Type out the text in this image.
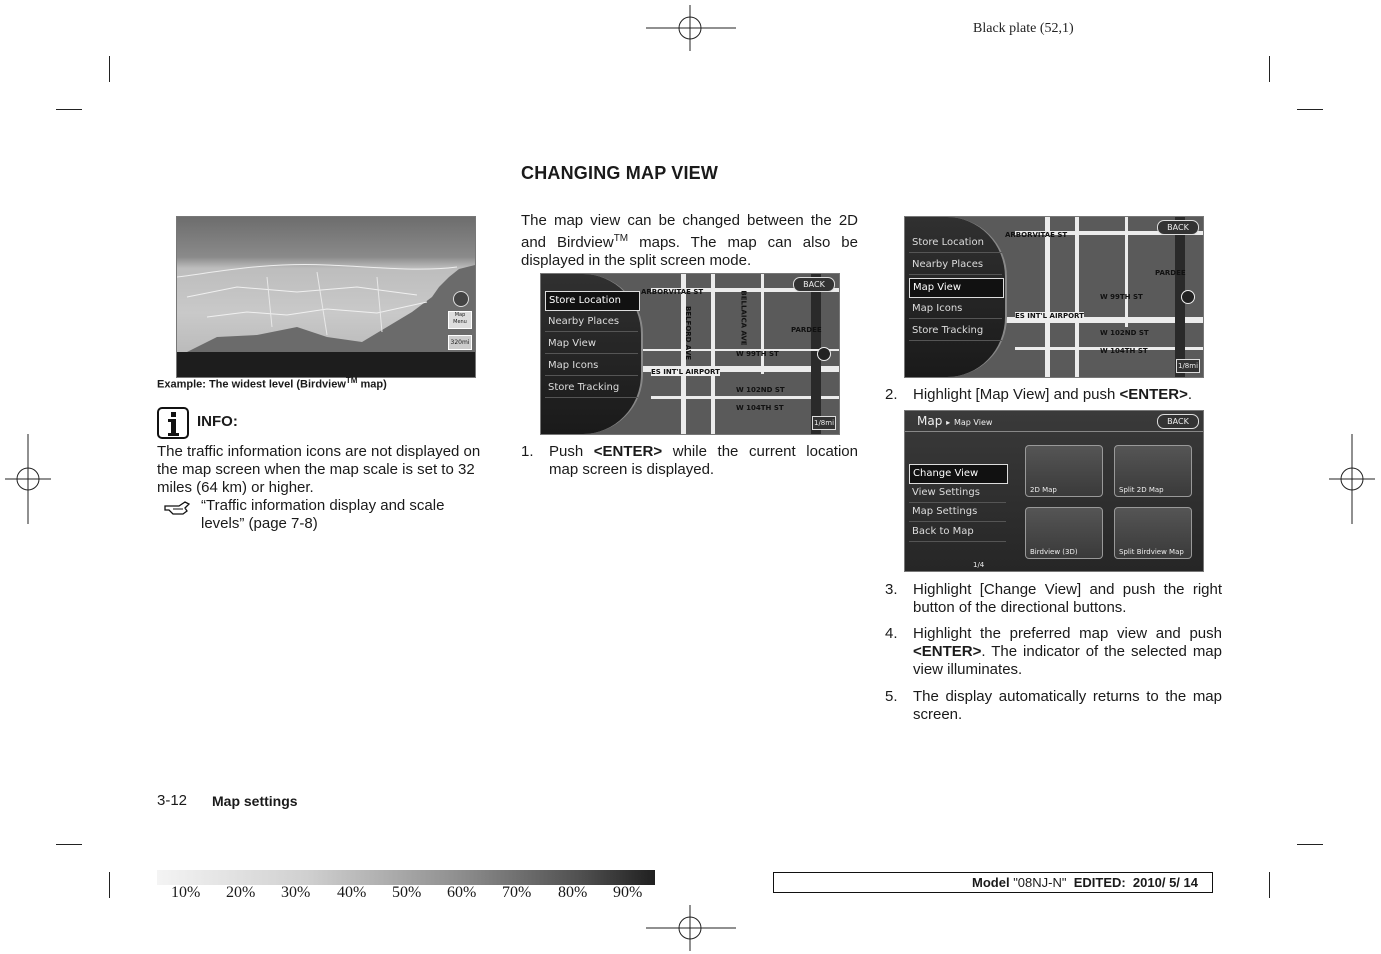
Black plate (52,1)
CHANGING MAP VIEW
Map Menu
320mi
Example: The widest level (Birdview™ map)
INFO:
The traffic information icons are not displayed on the map screen when the map scale is set to 32 miles (64 km) or higher.
“Traffic information display and scale levels” (page 7-8)
The map view can be changed between the 2D and Birdview™ maps. The map can also be displayed in the split screen mode.
ARBORVITAE ST	BELLAICA AVE
BELFORD AVE	W 99TH ST
PARDEE
ES INT'L AIRPORT
W 102ND ST
W 104TH ST
Store Location
Nearby Places
Map View
Map Icons
Store Tracking
BACK
1/8mi
ARBORVITAE ST
W 99TH ST
PARDEE
ES INT'L AIRPORT
W 102ND ST
W 104TH ST
Store Location
Nearby Places
Map View
Map Icons
Store Tracking
BACK
1/8mi
Map ▸ Map View	BACK
Change View
View Settings
Map Settings
Back to Map
1/4
2D Map	Split 2D Map
Birdview (3D)	Split Birdview Map
1. Push <ENTER> while the current location map screen is displayed.
2. Highlight [Map View] and push <ENTER>.
3. Highlight [Change View] and push the right button of the directional buttons.
4. Highlight the preferred map view and push <ENTER>. The indicator of the selected map view illuminates.
5. The display automatically returns to the map screen.
3-12 Map settings
10% 20% 30% 40% 50% 60% 70% 80% 90%
Model "08NJ-N"  EDITED:  2010/ 5/ 14
